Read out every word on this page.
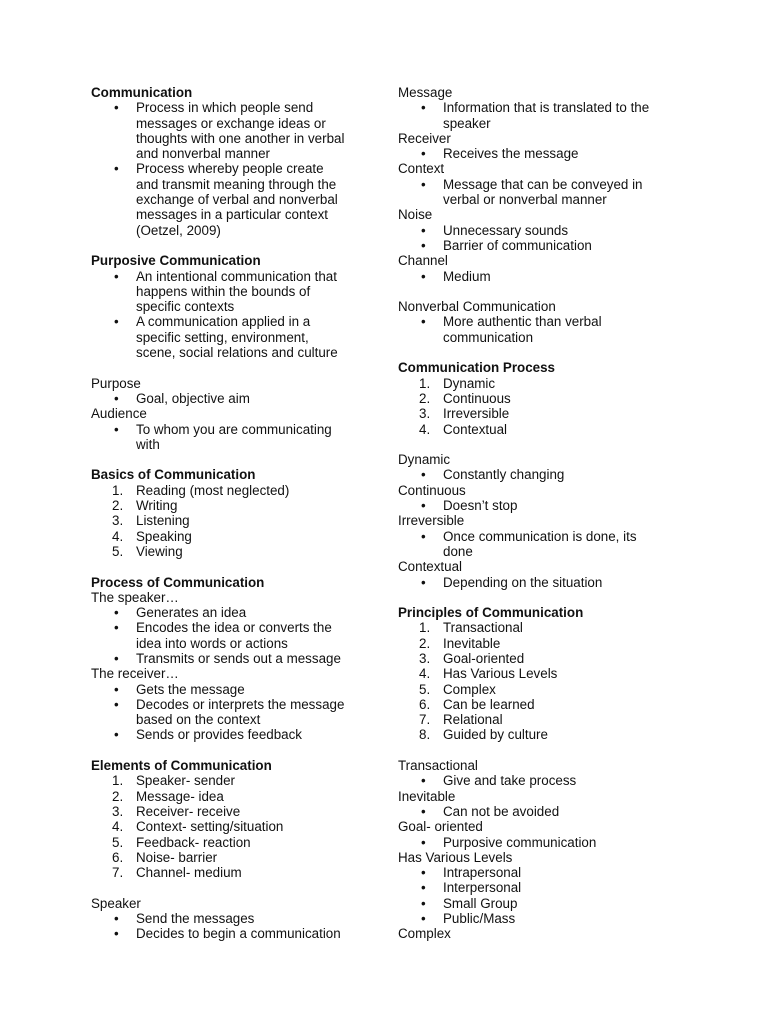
Communication
• Process in which people send
messages or exchange ideas or
thoughts with one another in verbal
and nonverbal manner
• Process whereby people create
and transmit meaning through the
exchange of verbal and nonverbal
messages in a particular context
(Oetzel, 2009)
Purposive Communication
• An intentional communication that
happens within the bounds of
specific contexts
• A communication applied in a
specific setting, environment,
scene, social relations and culture
Purpose
• Goal, objective aim
Audience
• To whom you are communicating
with
Basics of Communication
1. Reading (most neglected)
2. Writing
3. Listening
4. Speaking
5. Viewing
Process of Communication
The speaker…
• Generates an idea
• Encodes the idea or converts the
idea into words or actions
• Transmits or sends out a message
The receiver…
• Gets the message
• Decodes or interprets the message
based on the context
• Sends or provides feedback
Elements of Communication
1. Speaker- sender
2. Message- idea
3. Receiver- receive
4. Context- setting/situation
5. Feedback- reaction
6. Noise- barrier
7. Channel- medium
Speaker
• Send the messages
• Decides to begin a communication
Message
• Information that is translated to the
speaker
Receiver
• Receives the message
Context
• Message that can be conveyed in
verbal or nonverbal manner
Noise
• Unnecessary sounds
• Barrier of communication
Channel
• Medium
Nonverbal Communication
• More authentic than verbal
communication
Communication Process
1. Dynamic
2. Continuous
3. Irreversible
4. Contextual
Dynamic
• Constantly changing
Continuous
• Doesn’t stop
Irreversible
• Once communication is done, its
done
Contextual
• Depending on the situation
Principles of Communication
1. Transactional
2. Inevitable
3. Goal-oriented
4. Has Various Levels
5. Complex
6. Can be learned
7. Relational
8. Guided by culture
Transactional
• Give and take process
Inevitable
• Can not be avoided
Goal- oriented
• Purposive communication
Has Various Levels
• Intrapersonal
• Interpersonal
• Small Group
• Public/Mass
Complex
